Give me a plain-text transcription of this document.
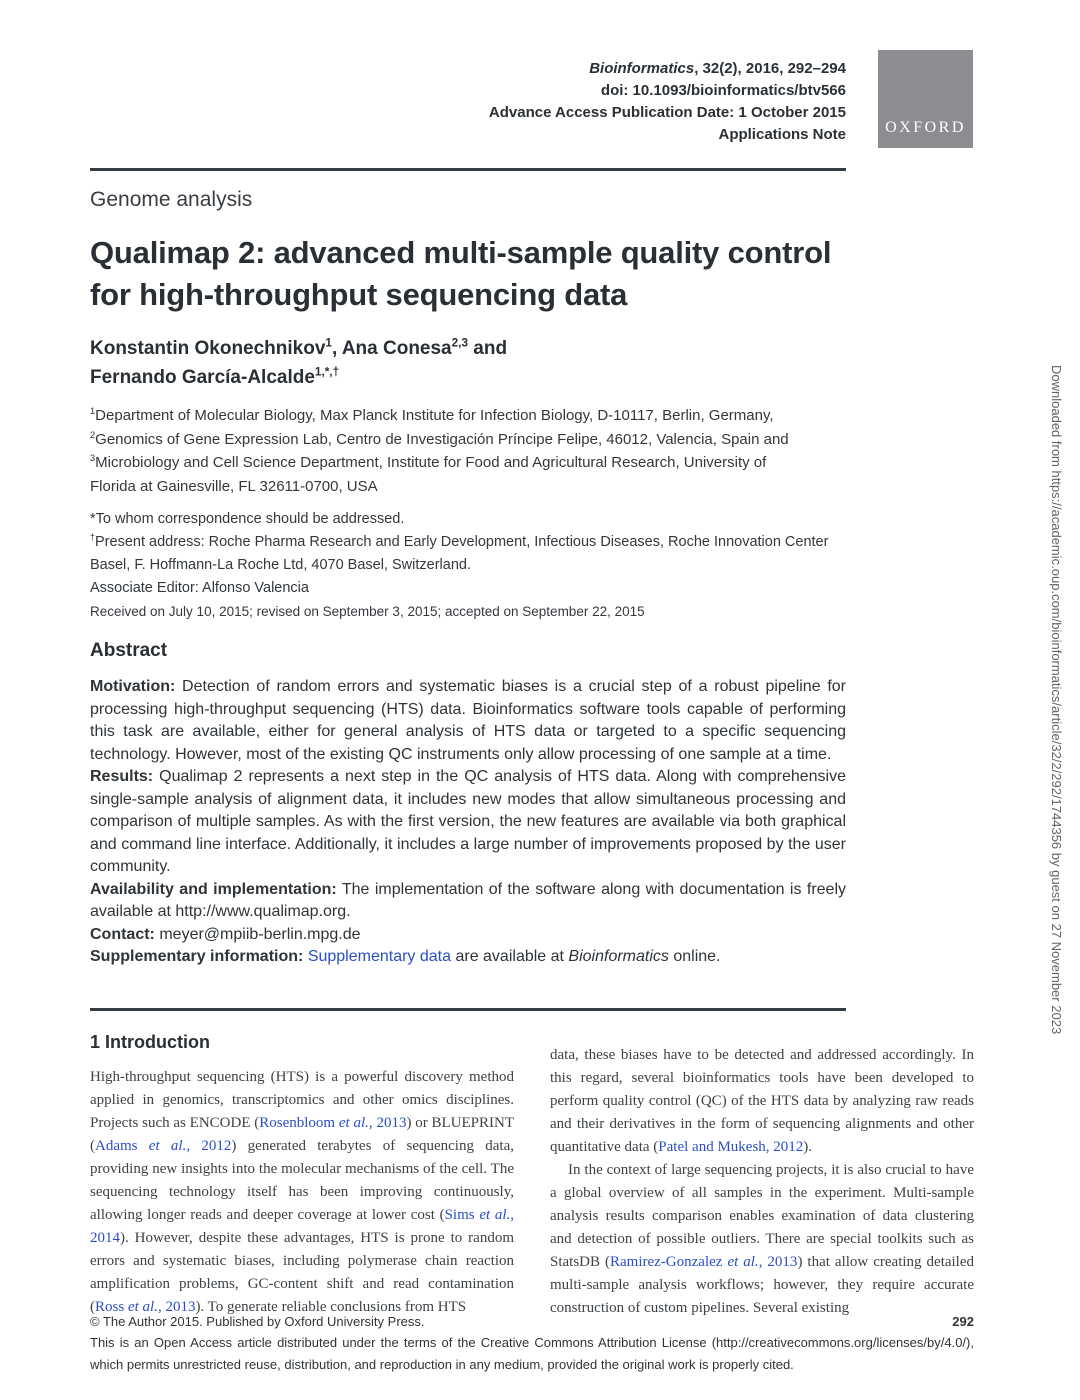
Bioinformatics, 32(2), 2016, 292–294
doi: 10.1093/bioinformatics/btv566
Advance Access Publication Date: 1 October 2015
Applications Note OXFORD
Genome analysis
Qualimap 2: advanced multi-sample quality control for high-throughput sequencing data
Konstantin Okonechnikov$^1$, Ana Conesa$^{2,3}$ and
Fernando García-Alcalde$^{1,*,\dagger}$
$^1$Department of Molecular Biology, Max Planck Institute for Infection Biology, D-10117, Berlin, Germany, $^2$Genomics of Gene Expression Lab, Centro de Investigación Príncipe Felipe, 46012, Valencia, Spain and $^3$Microbiology and Cell Science Department, Institute for Food and Agricultural Research, University of Florida at Gainesville, FL 32611-0700, USA
*To whom correspondence should be addressed.
†Present address: Roche Pharma Research and Early Development, Infectious Diseases, Roche Innovation Center Basel, F. Hoffmann-La Roche Ltd, 4070 Basel, Switzerland.
Associate Editor: Alfonso Valencia
Received on July 10, 2015; revised on September 3, 2015; accepted on September 22, 2015
Abstract

Motivation: Detection of random errors and systematic biases is a crucial step of a robust pipeline for processing high-throughput sequencing (HTS) data. Bioinformatics software tools capable of performing this task are available, either for general analysis of HTS data or targeted to a specific sequencing technology. However, most of the existing QC instruments only allow processing of one sample at a time.

Results: Qualimap 2 represents a next step in the QC analysis of HTS data. Along with comprehensive single-sample analysis of alignment data, it includes new modes that allow simultaneous processing and comparison of multiple samples. As with the first version, the new features are available via both graphical and command line interface. Additionally, it includes a large number of improvements proposed by the user community.

Availability and implementation: The implementation of the software along with documentation is freely available at http://www.qualimap.org.

Contact: meyer@mpiib-berlin.mpg.de

Supplementary information: Supplementary data are available at Bioinformatics online.

1 Introduction

High-throughput sequencing (HTS) is a powerful discovery method applied in genomics, transcriptomics and other omics disciplines. Projects such as ENCODE (Rosenbloom et al., 2013) or BLUEPRINT (Adams et al., 2012) generated terabytes of sequencing data, providing new insights into the molecular mechanisms of the cell. The sequencing technology itself has been improving continuously, allowing longer reads and deeper coverage at lower cost (Sims et al., 2014). However, despite these advantages, HTS is prone to random errors and systematic biases, including polymerase chain reaction amplification problems, GC-content shift and read contamination (Ross et al., 2013). To generate reliable conclusions from HTS

data, these biases have to be detected and addressed accordingly. In this regard, several bioinformatics tools have been developed to perform quality control (QC) of the HTS data by analyzing raw reads and their derivatives in the form of sequencing alignments and other quantitative data (Patel and Mukesh, 2012).

In the context of large sequencing projects, it is also crucial to have a global overview of all samples in the experiment. Multi-sample analysis results comparison enables examination of data clustering and detection of possible outliers. There are special toolkits such as StatsDB (Ramirez-Gonzalez et al., 2013) that allow creating detailed multi-sample analysis workflows; however, they require accurate construction of custom pipelines. Several existing

© The Author 2015. Published by Oxford University Press.	292
This is an Open Access article distributed under the terms of the Creative Commons Attribution License (http://creativecommons.org/licenses/by/4.0/), which permits unrestricted reuse, distribution, and reproduction in any medium, provided the original work is properly cited.
Downloaded from https://academic.oup.com/bioinformatics/article/32/2/292/1744356 by guest on 27 November 2023
